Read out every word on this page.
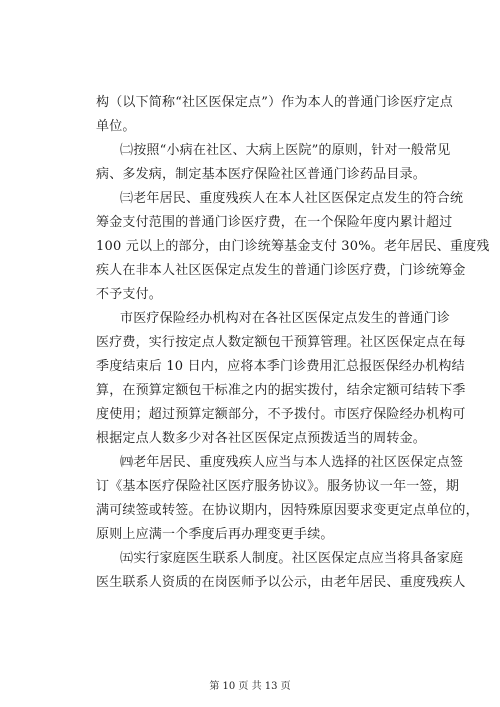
构（以下简称“社区医保定点”）作为本人的普通门诊医疗定点
单位。
㈡按照“小病在社区、大病上医院”的原则，针对一般常见
病、多发病，制定基本医疗保险社区普通门诊药品目录。
㈢老年居民、重度残疾人在本人社区医保定点发生的符合统
筹金支付范围的普通门诊医疗费，在一个保险年度内累计超过
100 元以上的部分，由门诊统筹基金支付 30%。老年居民、重度残
疾人在非本人社区医保定点发生的普通门诊医疗费，门诊统筹金
不予支付。
市医疗保险经办机构对在各社区医保定点发生的普通门诊
医疗费，实行按定点人数定额包干预算管理。社区医保定点在每
季度结束后 10 日内，应将本季门诊费用汇总报医保经办机构结
算，在预算定额包干标准之内的据实拨付，结余定额可结转下季
度使用；超过预算定额部分，不予拨付。市医疗保险经办机构可
根据定点人数多少对各社区医保定点预拨适当的周转金。
㈣老年居民、重度残疾人应当与本人选择的社区医保定点签
订《基本医疗保险社区医疗服务协议》。服务协议一年一签，期
满可续签或转签。在协议期内，因特殊原因要求变更定点单位的，
原则上应满一个季度后再办理变更手续。
㈤实行家庭医生联系人制度。社区医保定点应当将具备家庭
医生联系人资质的在岗医师予以公示，由老年居民、重度残疾人
第 10 页 共 13 页
